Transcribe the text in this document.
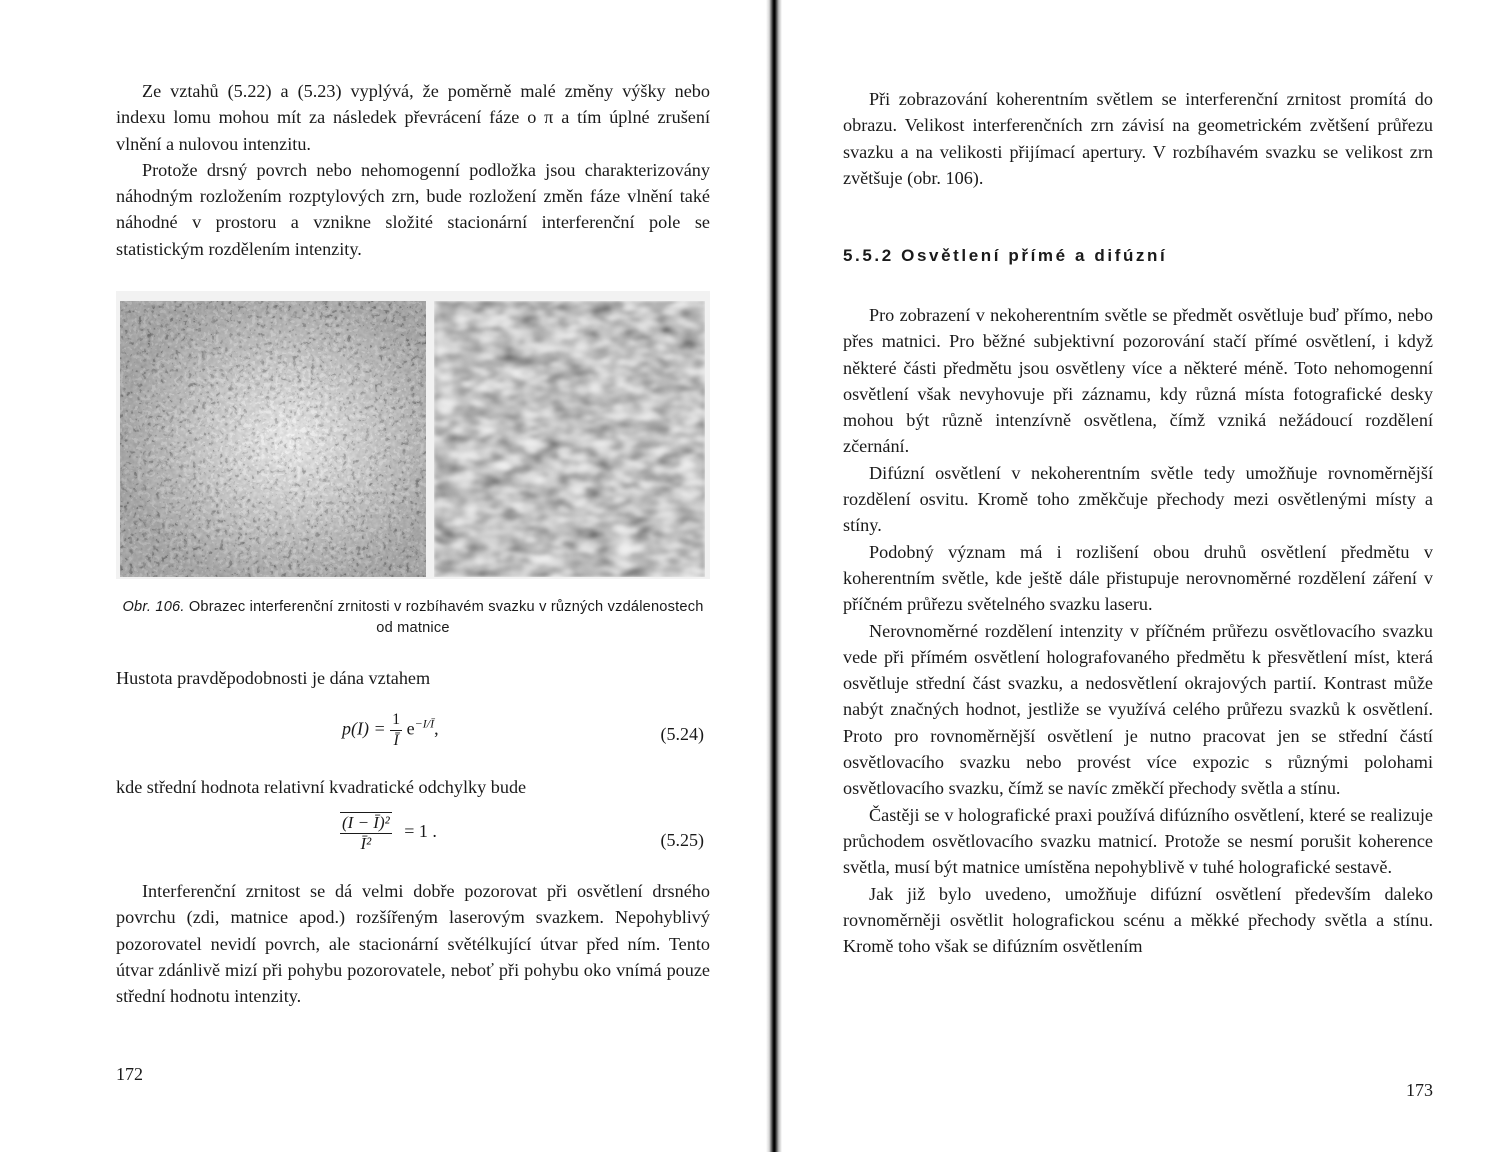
Ze vztahů (5.22) a (5.23) vyplývá, že poměrně malé změny výšky nebo indexu lomu mohou mít za následek převrácení fáze o π a tím úplné zrušení vlnění a nulovou intenzitu.

Protože drsný povrch nebo nehomogenní podložka jsou charakterizovány náhodným rozložením rozptylových zrn, bude rozložení změn fáze vlnění také náhodné v prostoru a vznikne složité stacionární interferenční pole se statistickým rozdělením intenzity.

Obr. 106. Obrazec interferenční zrnitosti v rozbíhavém svazku v různých vzdálenostech od matnice

Hustota pravděpodobnosti je dána vztahem

$p(I) = \frac{1}{Ī} e^{-I/Ī}$,	(5.24)

kde střední hodnota relativní kvadratické odchylky bude

$\frac{\text{(I − Ī)²}}{\text{Ī²}} = 1$ .	(5.25)

Interferenční zrnitost se dá velmi dobře pozorovat při osvětlení drsného povrchu (zdi, matnice apod.) rozšířeným laserovým svazkem. Nepohyblivý pozorovatel nevidí povrch, ale stacionární světélkující útvar před ním. Tento útvar zdánlivě mizí při pohybu pozorovatele, neboť při pohybu oko vnímá pouze střední hodnotu intenzity.

172

Při zobrazování koherentním světlem se interferenční zrnitost promítá do obrazu. Velikost interferenčních zrn závisí na geometrickém zvětšení průřezu svazku a na velikosti přijímací apertury. V rozbíhavém svazku se velikost zrn zvětšuje (obr. 106).

5.5.2 Osvětlení přímé a difúzní

Pro zobrazení v nekoherentním světle se předmět osvětluje buď přímo, nebo přes matnici. Pro běžné subjektivní pozorování stačí přímé osvětlení, i když některé části předmětu jsou osvětleny více a některé méně. Toto nehomogenní osvětlení však nevyhovuje při záznamu, kdy různá místa fotografické desky mohou být různě intenzívně osvětlena, čímž vzniká nežádoucí rozdělení zčernání.

Difúzní osvětlení v nekoherentním světle tedy umožňuje rovnoměrnější rozdělení osvitu. Kromě toho změkčuje přechody mezi osvětlenými místy a stíny.

Podobný význam má i rozlišení obou druhů osvětlení předmětu v koherentním světle, kde ještě dále přistupuje nerovnoměrné rozdělení záření v příčném průřezu světelného svazku laseru.

Nerovnoměrné rozdělení intenzity v příčném průřezu osvětlovacího svazku vede při přímém osvětlení holografovaného předmětu k přesvětlení míst, která osvětluje střední část svazku, a nedosvětlení okrajových partií. Kontrast může nabýt značných hodnot, jestliže se využívá celého průřezu svazků k osvětlení. Proto pro rovnoměrnější osvětlení je nutno pracovat jen se střední částí osvětlovacího svazku nebo provést více expozic s různými polohami osvětlovacího svazku, čímž se navíc změkčí přechody světla a stínu.

Častěji se v holografické praxi používá difúzního osvětlení, které se realizuje průchodem osvětlovacího svazku matnicí. Protože se nesmí porušit koherence světla, musí být matnice umístěna nepohyblivě v tuhé holografické sestavě.

Jak již bylo uvedeno, umožňuje difúzní osvětlení především daleko rovnoměrněji osvětlit holografickou scénu a měkké přechody světla a stínu. Kromě toho však se difúzním osvětlením

173
